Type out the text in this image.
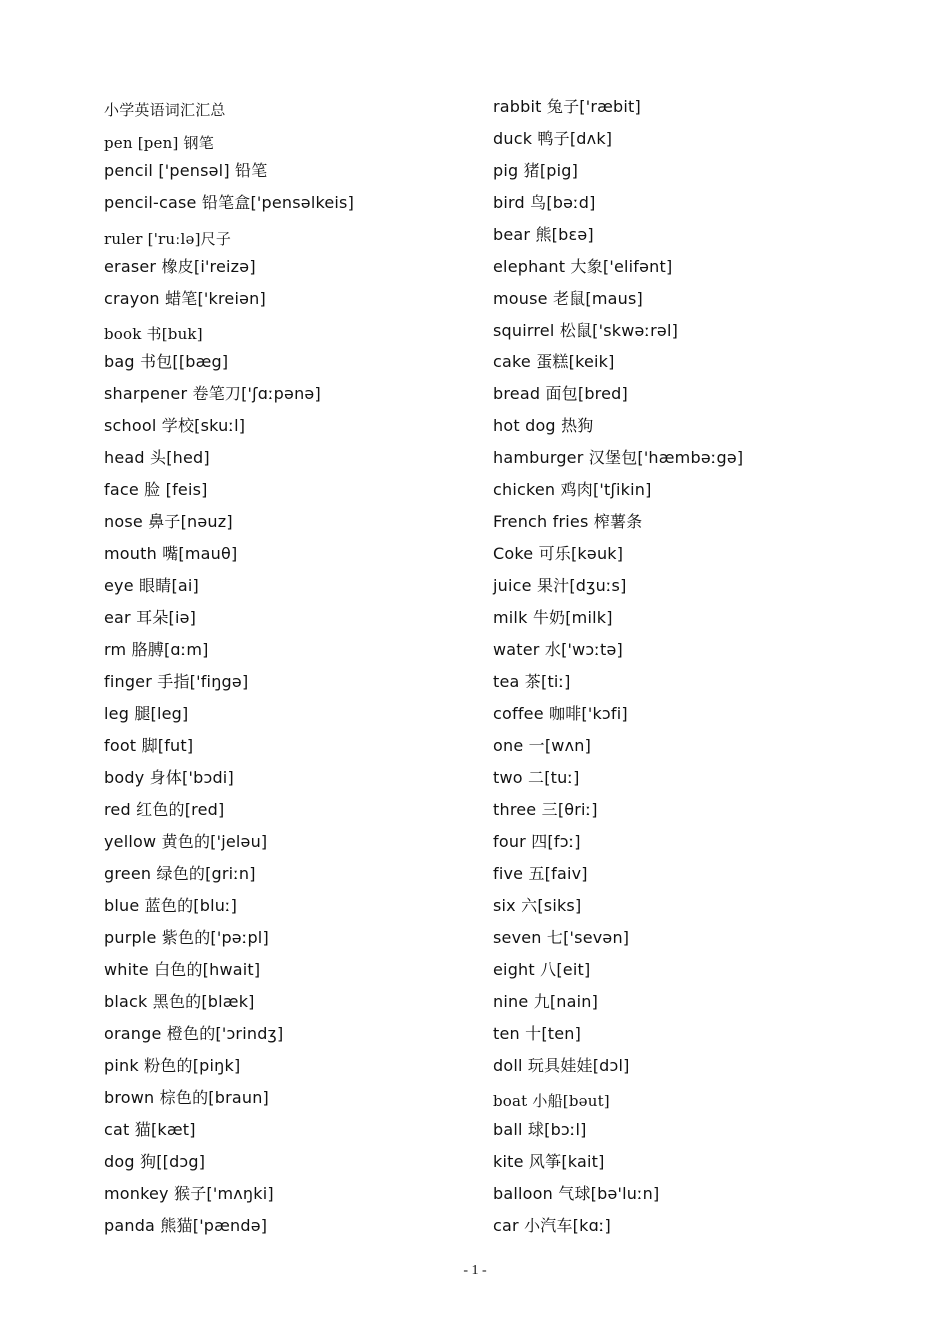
小学英语词汇汇总
pen [pen] 钢笔
pencil ['pensəl] 铅笔
pencil-case 铅笔盒['pensəlkeis]
ruler ['ruːlə]尺子
eraser 橡皮[i'reizə]
crayon 蜡笔['kreiən]
book 书[buk]
bag 书包[[bæg]
sharpener 卷笔刀['ʃɑːpənə]
school 学校[skuːl]
head 头[hed]
face 脸 [feis]
nose 鼻子[nəuz]
mouth 嘴[mauθ]
eye 眼睛[ai]
ear 耳朵[iə]
rm 胳膊[ɑːm]
finger 手指['fiŋgə]
leg 腿[leg]
foot 脚[fut]
body 身体['bɔdi]
red 红色的[red]
yellow 黄色的['jeləu]
green 绿色的[griːn]
blue 蓝色的[bluː]
purple 紫色的['pəːpl]
white 白色的[hwait]
black 黑色的[blæk]
orange 橙色的['ɔrindʒ]
pink 粉色的[piŋk]
brown 棕色的[braun]
cat 猫[kæt]
dog 狗[[dɔg]
monkey 猴子['mʌŋki]
panda 熊猫['pændə]
rabbit 兔子['ræbit]
duck 鸭子[dʌk]
pig 猪[pig]
bird 鸟[bəːd]
bear 熊[bɛə]
elephant 大象['elifənt]
mouse 老鼠[maus]
squirrel 松鼠['skwəːrəl]
cake 蛋糕[keik]
bread 面包[bred]
hot dog 热狗
hamburger 汉堡包['hæmbəːgə]
chicken 鸡肉['tʃikin]
French fries 榨薯条
Coke 可乐[kəuk]
juice 果汁[dʒuːs]
milk 牛奶[milk]
water 水['wɔːtə]
tea 茶[tiː]
coffee 咖啡['kɔfi]
one 一[wʌn]
two 二[tuː]
three 三[θriː]
four 四[fɔː]
five 五[faiv]
six 六[siks]
seven 七['sevən]
eight 八[eit]
nine 九[nain]
ten 十[ten]
doll 玩具娃娃[dɔl]
boat 小船[bəut]
ball 球[bɔːl]
kite 风筝[kait]
balloon 气球[bə'luːn]
car 小汽车[kɑː]
- 1 -
